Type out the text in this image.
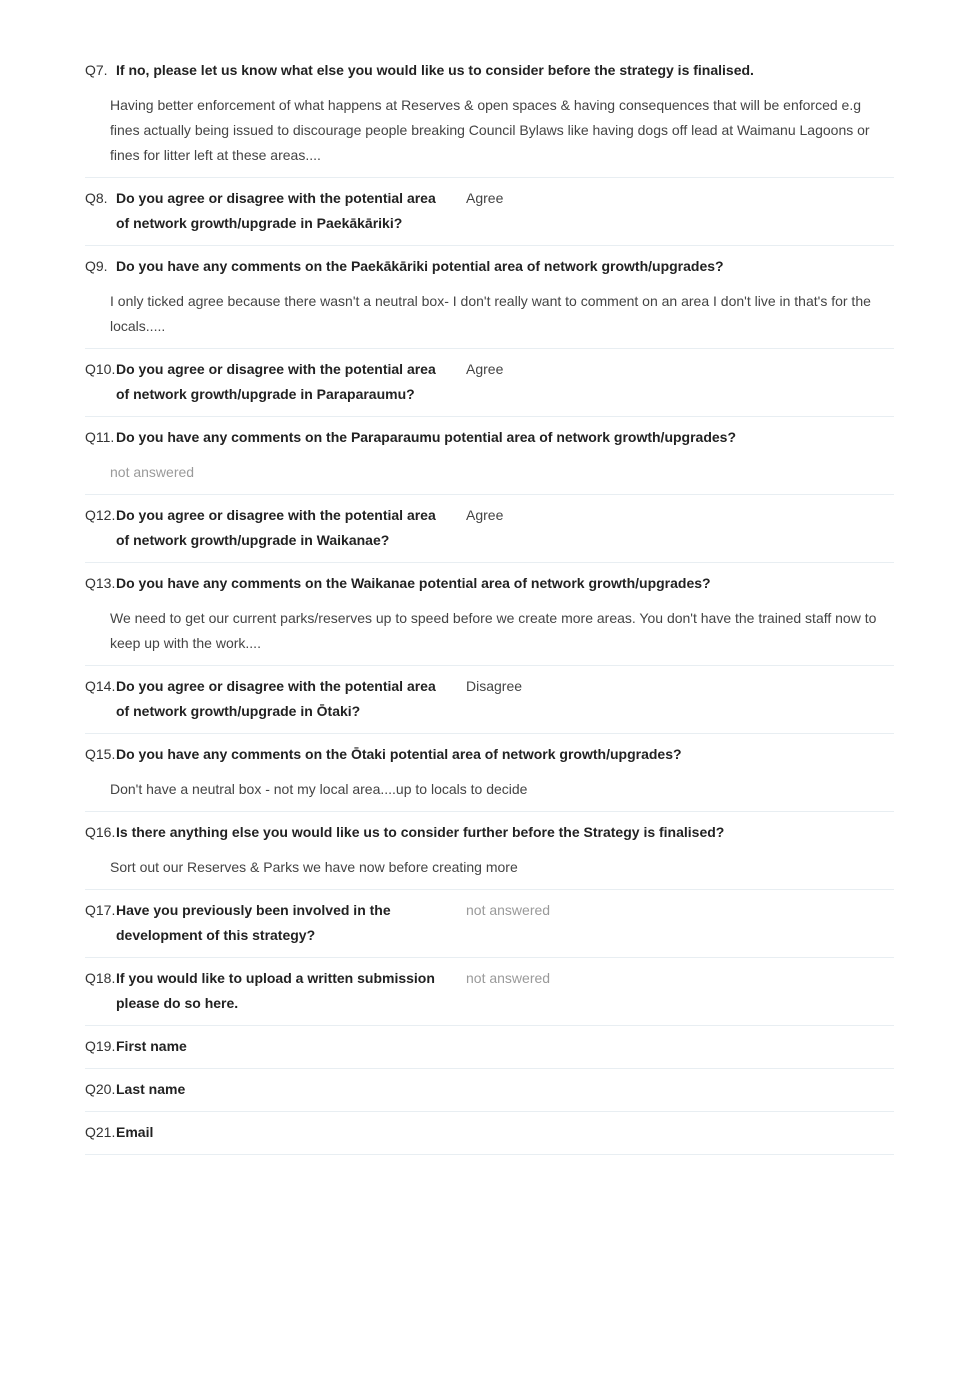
Q7. If no, please let us know what else you would like us to consider before the strategy is finalised.
Having better enforcement of what happens at Reserves & open spaces & having consequences that will be enforced e.g fines actually being issued to discourage people breaking Council Bylaws like having dogs off lead at Waimanu Lagoons or fines for litter left at these areas....
Q8. Do you agree or disagree with the potential area of network growth/upgrade in Paekākāriki?
Agree
Q9. Do you have any comments on the Paekākāriki potential area of network growth/upgrades?
I only ticked agree because there wasn't a neutral box- I don't really want to comment on an area I don't live in that's for the locals.....
Q10. Do you agree or disagree with the potential area of network growth/upgrade in Paraparaumu?
Agree
Q11. Do you have any comments on the Paraparaumu potential area of network growth/upgrades?
not answered
Q12. Do you agree or disagree with the potential area of network growth/upgrade in Waikanae?
Agree
Q13. Do you have any comments on the Waikanae potential area of network growth/upgrades?
We need to get our current parks/reserves up to speed before we create more areas. You don't have the trained staff now to keep up with the work....
Q14. Do you agree or disagree with the potential area of network growth/upgrade in Ōtaki?
Disagree
Q15. Do you have any comments on the Ōtaki potential area of network growth/upgrades?
Don't have a neutral box - not my local area....up to locals to decide
Q16. Is there anything else you would like us to consider further before the Strategy is finalised?
Sort out our Reserves & Parks we have now before creating more
Q17. Have you previously been involved in the development of this strategy?
not answered
Q18. If you would like to upload a written submission please do so here.
not answered
Q19. First name
Q20. Last name
Q21. Email
